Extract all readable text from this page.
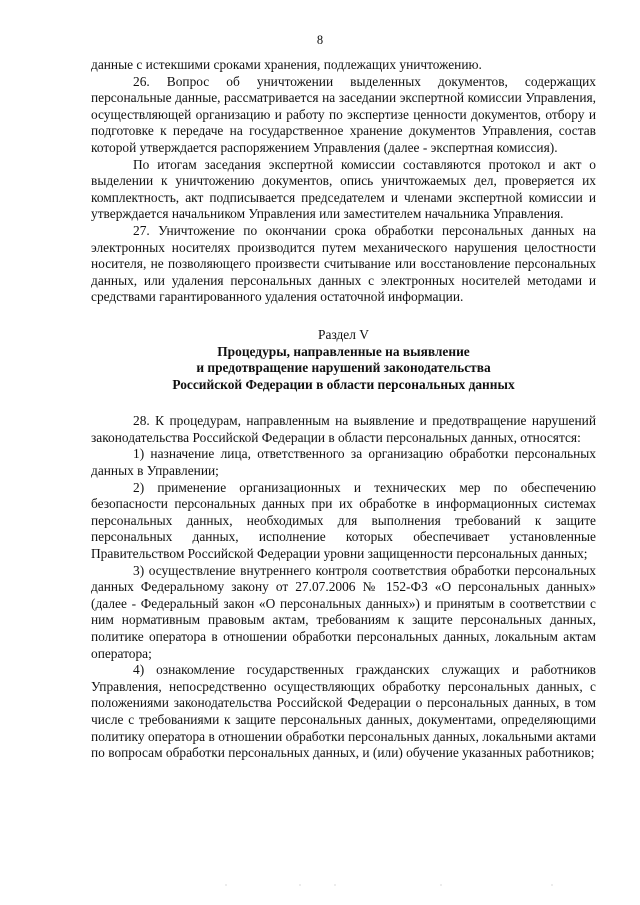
8

данные с истекшими сроками хранения, подлежащих уничтожению.

26. Вопрос об уничтожении выделенных документов, содержащих персональные данные, рассматривается на заседании экспертной комиссии Управления, осуществляющей организацию и работу по экспертизе ценности документов, отбору и подготовке к передаче на государственное хранение документов Управления, состав которой утверждается распоряжением Управления (далее - экспертная комиссия).

По итогам заседания экспертной комиссии составляются протокол и акт о выделении к уничтожению документов, опись уничтожаемых дел, проверяется их комплектность, акт подписывается председателем и членами экспертной комиссии и утверждается начальником Управления или заместителем начальника Управления.

27. Уничтожение по окончании срока обработки персональных данных на электронных носителях производится путем механического нарушения целостности носителя, не позволяющего произвести считывание или восстановление персональных данных, или удаления персональных данных с электронных носителей методами и средствами гарантированного удаления остаточной информации.

Раздел V

Процедуры, направленные на выявление
и предотвращение нарушений законодательства
Российской Федерации в области персональных данных

28. К процедурам, направленным на выявление и предотвращение нарушений законодательства Российской Федерации в области персональных данных, относятся:

1) назначение лица, ответственного за организацию обработки персональных данных в Управлении;

2) применение организационных и технических мер по обеспечению безопасности персональных данных при их обработке в информационных системах персональных данных, необходимых для выполнения требований к защите персональных данных, исполнение которых обеспечивает установленные Правительством Российской Федерации уровни защищенности персональных данных;

3) осуществление внутреннего контроля соответствия обработки персональных данных Федеральному закону от 27.07.2006 № 152-ФЗ «О персональных данных» (далее - Федеральный закон «О персональных данных») и принятым в соответствии с ним нормативным правовым актам, требованиям к защите персональных данных, политике оператора в отношении обработки персональных данных, локальным актам оператора;

4) ознакомление государственных гражданских служащих и работников Управления, непосредственно осуществляющих обработку персональных данных, с положениями законодательства Российской Федерации о персональных данных, в том числе с требованиями к защите персональных данных, документами, определяющими политику оператора в отношении обработки персональных данных, локальными актами по вопросам обработки персональных данных, и (или) обучение указанных работников;
